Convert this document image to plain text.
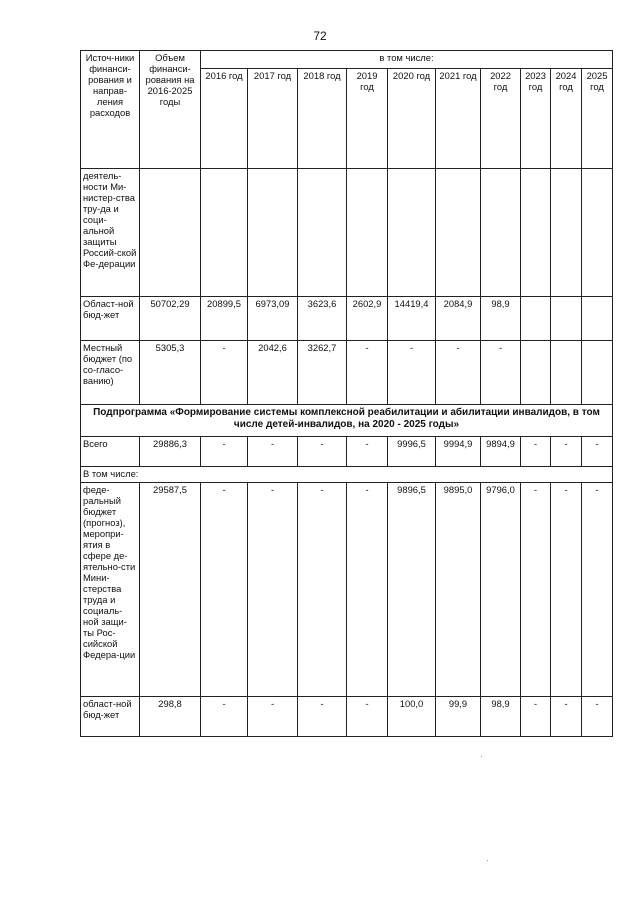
72
Источ-ники финанси-рования и направ-ления расходов	Объем финанси-рования на 2016-2025 годы	в том числе:									
		2016 год	2017 год	2018 год	2019 год	2020 год	2021 год	2022 год	2023 год	2024 год	2025 год
деятель-ности Ми-нистер-ства тру-да и соци-альной защиты Россий-ской Фе-дерации											
Област-ной бюд-жет	50702,29	20899,5	6973,09	3623,6	2602,9	14419,4	2084,9	98,9			
Местный бюджет (по со-гласо-ванию)	5305,3	-	2042,6	3262,7	-	-	-	-			
Подпрограмма «Формирование системы комплексной реабилитации и абилитации инвалидов, в том числе детей-инвалидов, на 2020 - 2025 годы»											
Всего	29886,3	-	-	-	-	9996,5	9994,9	9894,9	-	-	-
В том числе:											
феде-ральный бюджет (прогноз), меропри-ятия в сфере де-ятельно-сти Мини-стерства труда и социаль-ной защи-ты Рос-сийской Федера-ции	29587,5	-	-	-	-	9896,5	9895,0	9796,0	-	-	-
област-ной бюд-жет	298,8	-	-	-	-	100,0	99,9	98,9	-	-	-
·
·
